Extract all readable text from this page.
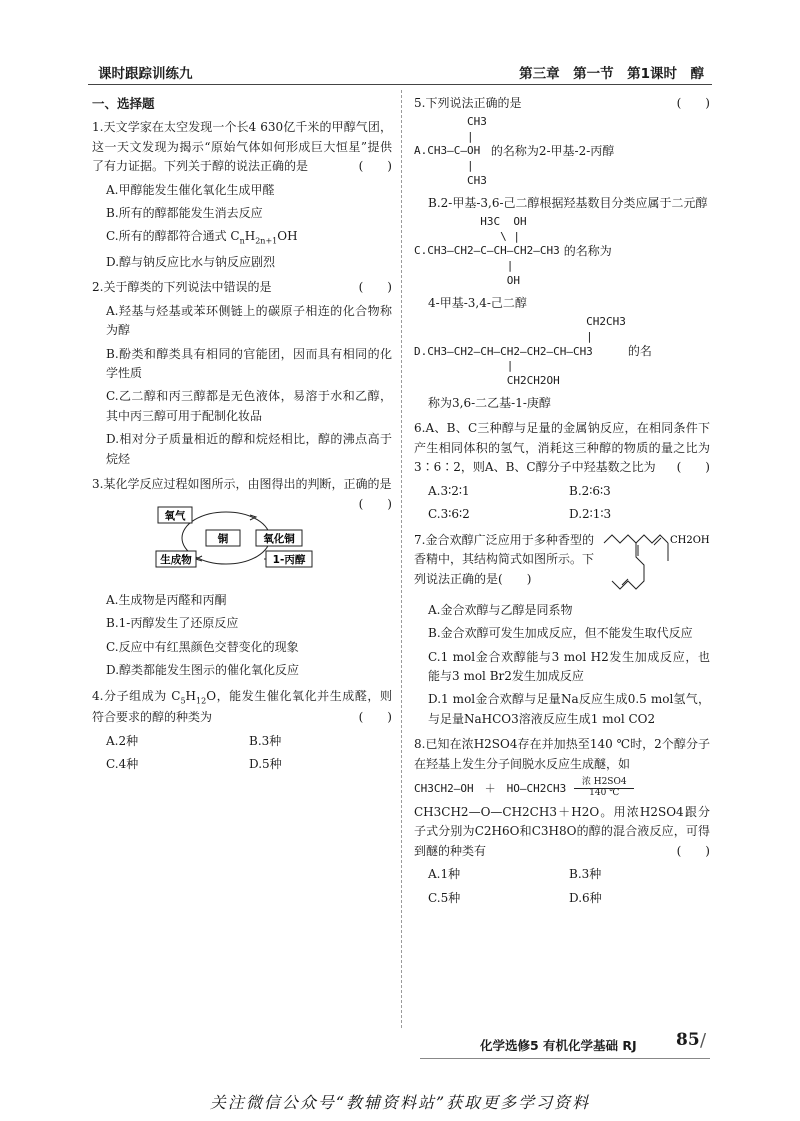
课时跟踪训练九	第三章　第一节　第1课时　醇
一、选择题

1.天文学家在太空发现一个长4 630亿千米的甲醇气团，这一天文发现为揭示“原始气体如何形成巨大恒星”提供了有力证据。下列关于醇的说法正确的是	(　　)

A.甲醇能发生催化氧化生成甲醛
B.所有的醇都能发生消去反应
C.所有的醇都符合通式 $C_nH_{2n+1}OH$
D.醇与钠反应比水与钠反应剧烈

2.关于醇类的下列说法中错误的是	(　　)

A.羟基与烃基或苯环侧链上的碳原子相连的化合物称为醇
B.酚类和醇类具有相同的官能团，因而具有相同的化学性质
C.乙二醇和丙三醇都是无色液体，易溶于水和乙醇，其中丙三醇可用于配制化妆品
D.相对分子质量相近的醇和烷烃相比，醇的沸点高于烷烃

3.某化学反应过程如图所示，由图得出的判断，正确的是
(　　)

氧气
铜	氧化铜
生成物	1-丙醇
A.生成物是丙醛和丙酮
B.1-丙醇发生了还原反应
C.反应中有红黑颜色交替变化的现象
D.醇类都能发生图示的催化氧化反应

4.分子组成为 $C_5H_{12}O$，能发生催化氧化并生成醛，则符合要求的醇的种类为	(　　)

A.2种	B.3种
C.4种	D.5种

5.下列说法正确的是	(　　)

CH3
|
A.CH3—C—OH
|
CH3
的名称为2-甲基-2-丙醇
B.2-甲基-3,6-己二醇根据羟基数目分类应属于二元醇
H3C  OH
\ |
C.CH3—CH2—C—CH—CH2—CH3
|
OH
的名称为
4-甲基-3,4-己二醇
CH2CH3
|
D.CH3—CH2—CH—CH2—CH2—CH—CH3
|
CH2CH2OH
的名
称为3,6-二乙基-1-庚醇

6.A、B、C三种醇与足量的金属钠反应，在相同条件下产生相同体积的氢气，消耗这三种醇的物质的量之比为3∶6∶2，则A、B、C醇分子中羟基数之比为 (　　)

A.3∶2∶1	B.2∶6∶3
C.3∶6∶2	D.2∶1∶3

7.金合欢醇广泛应用于多种香型的香精中，其结构简式如图所示。下列说法正确的是(　　)

CH2OH
A.金合欢醇与乙醇是同系物
B.金合欢醇可发生加成反应，但不能发生取代反应
C.1 mol金合欢醇能与3 mol H2发生加成反应，也能与3 mol Br2发生加成反应
D.1 mol金合欢醇与足量Na反应生成0.5 mol氢气，与足量NaHCO3溶液反应生成1 mol CO2

8.已知在浓H2SO4存在并加热至140 ℃时，2个醇分子在羟基上发生分子间脱水反应生成醚，如

CH3CH2—OH　＋　HO—CH2CH3 浓 H2SO4
140 ℃

CH3CH2—O—CH2CH3＋H2O。用浓H2SO4跟分子式分别为C2H6O和C3H8O的醇的混合液反应，可得到醚的种类有	(　　)

A.1种	B.3种
C.5种	D.6种
化学选修5 有机化学基础 RJ 85 /
关注微信公众号“教辅资料站”获取更多学习资料
